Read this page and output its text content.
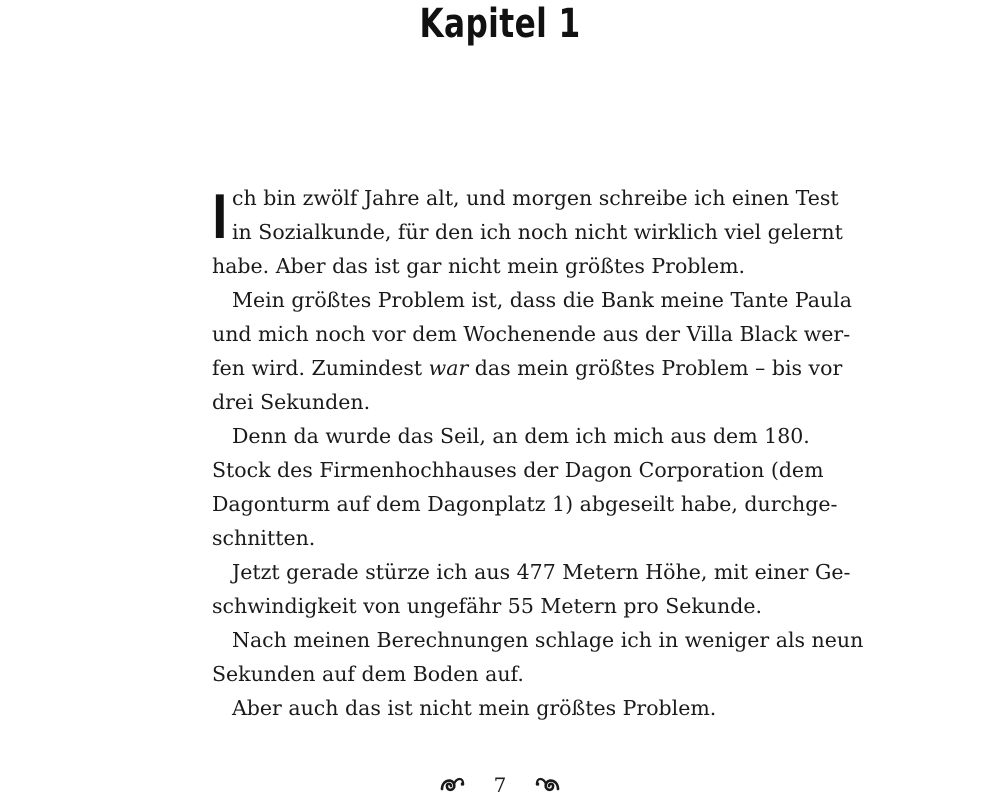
Kapitel 1
I ch bin zwölf Jahre alt, und morgen schreibe ich einen Test
in Sozialkunde, für den ich noch nicht wirklich viel gelernt
habe. Aber das ist gar nicht mein größtes Problem.
Mein größtes Problem ist, dass die Bank meine Tante Paula
und mich noch vor dem Wochenende aus der Villa Black wer-
fen wird. Zumindest war das mein größtes Problem – bis vor
drei Sekunden.
Denn da wurde das Seil, an dem ich mich aus dem 180.
Stock des Firmenhochhauses der Dagon Corporation (dem
Dagonturm auf dem Dagonplatz 1) abgeseilt habe, durchge-
schnitten.
Jetzt gerade stürze ich aus 477 Metern Höhe, mit einer Ge-
schwindigkeit von ungefähr 55 Metern pro Sekunde.
Nach meinen Berechnungen schlage ich in weniger als neun
Sekunden auf dem Boden auf.
Aber auch das ist nicht mein größtes Problem.
7
